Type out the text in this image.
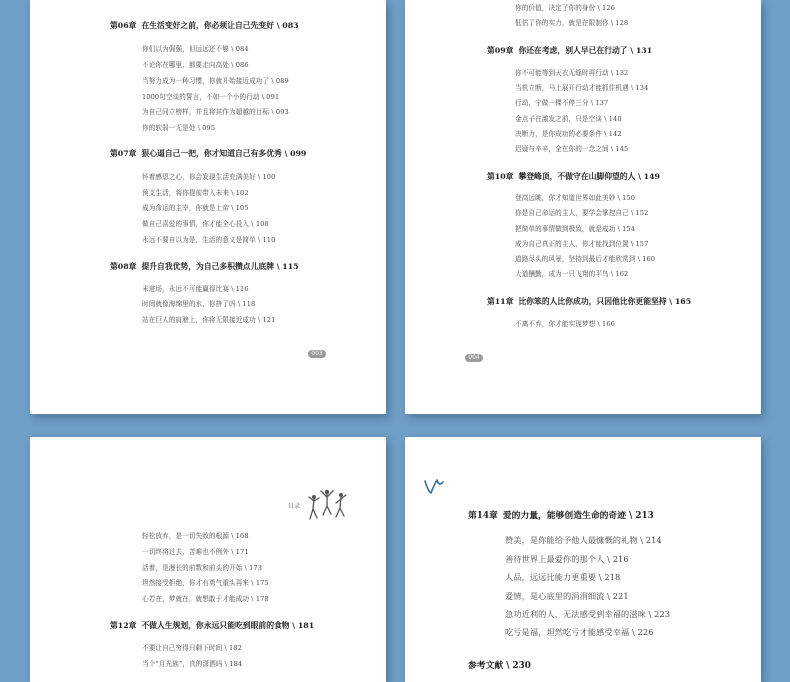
第06章 在生活变好之前，你必须让自己先变好 \ 083
你们以为倔强，但远远还不够 \ 084
不论你在哪里，都要走向高处 \ 086
当努力成为一种习惯，你就开始接近成功了 \ 089
1000句空谈的誓言，不如一个小的行动 \ 091
为自己同立榜样，并且将其作为超越的目标 \ 093
你的软弱一无是处 \ 095
第07章 狠心逼自己一把，你才知道自己有多优秀 \ 099
怀着感恩之心，你会发现生活充满美好 \ 100
预支生活，将你提前带入未来 \ 102
成为命运的主宰，你就是上帝 \ 105
做自己喜爱的事情，你才能全心投入 \ 108
永远不要自以为是，生活的意义是简单 \ 110
第08章 提升自我优势，为自己多积攒点儿底牌 \ 115
未进场，永远不可能赢得比赛 \ 116
时间就像海绵里的水，你挤了吗 \ 118
站在巨人的肩膀上，你将无限接近成功 \ 121
003
你的价值，决定了你的身份 \ 126
低估了你的实力，就是在限制你 \ 128
第09章 你还在考虑，别人早已在行动了 \ 131
你不可能等到天衣无缝时再行动 \ 132
当机立断，马上展开行动才能抓住机遇 \ 134
行动，宁做一棵不停三分 \ 137
金点子在激发之前，只是空谈 \ 140
决断力，是你成功的必要条件 \ 142
迟疑与辛辛，全在你的一念之间 \ 145
第10章 攀登峰顶，不做守在山脚仰望的人 \ 149
登高远眺，你才知道世界如此美妙 \ 150
你是自己命运的主人，要学会掌控自己 \ 152
把简单的事情做到极致，就是成功 \ 154
成为自己真正的主人，你才能找到位置 \ 157
道路尽头的风景，坚持到最后才能欣赏到 \ 160
大道酬勤，成为一只飞翔的平鸟 \ 162
第11章 比你笨的人比你成功，只因他比你更能坚持 \ 165
不离不弃，你才能实现梦想 \ 166
004
目录
轻松放弃，是一切失败的根源 \ 168
一切终将过去，苦难也不例外 \ 171
活着，是漫长的前数和前头的开始 \ 173
坦然接受拒绝，你才有勇气重头再来 \ 175
心若在，梦就在，就想敢于才能成功 \ 178
第12章 不做人生规划，你永远只能吃到眼前的食物 \ 181
不要让自己穷得只剩下时间 \ 182
当个“月光族”，真的潇洒吗 \ 184
第14章 爱的力量，能够创造生命的奇迹 \ 213
赞美，是你能给予他人最慷慨的礼物 \ 214
善待世界上最爱你的那个人 \ 216
人品，远远比能力更重要 \ 218
爱情，是心底里的涓涓细流 \ 221
急功近利的人，无法感受到幸福的滋味 \ 223
吃亏是福，坦然吃亏才能感受幸福 \ 226
参考文献 \ 230
